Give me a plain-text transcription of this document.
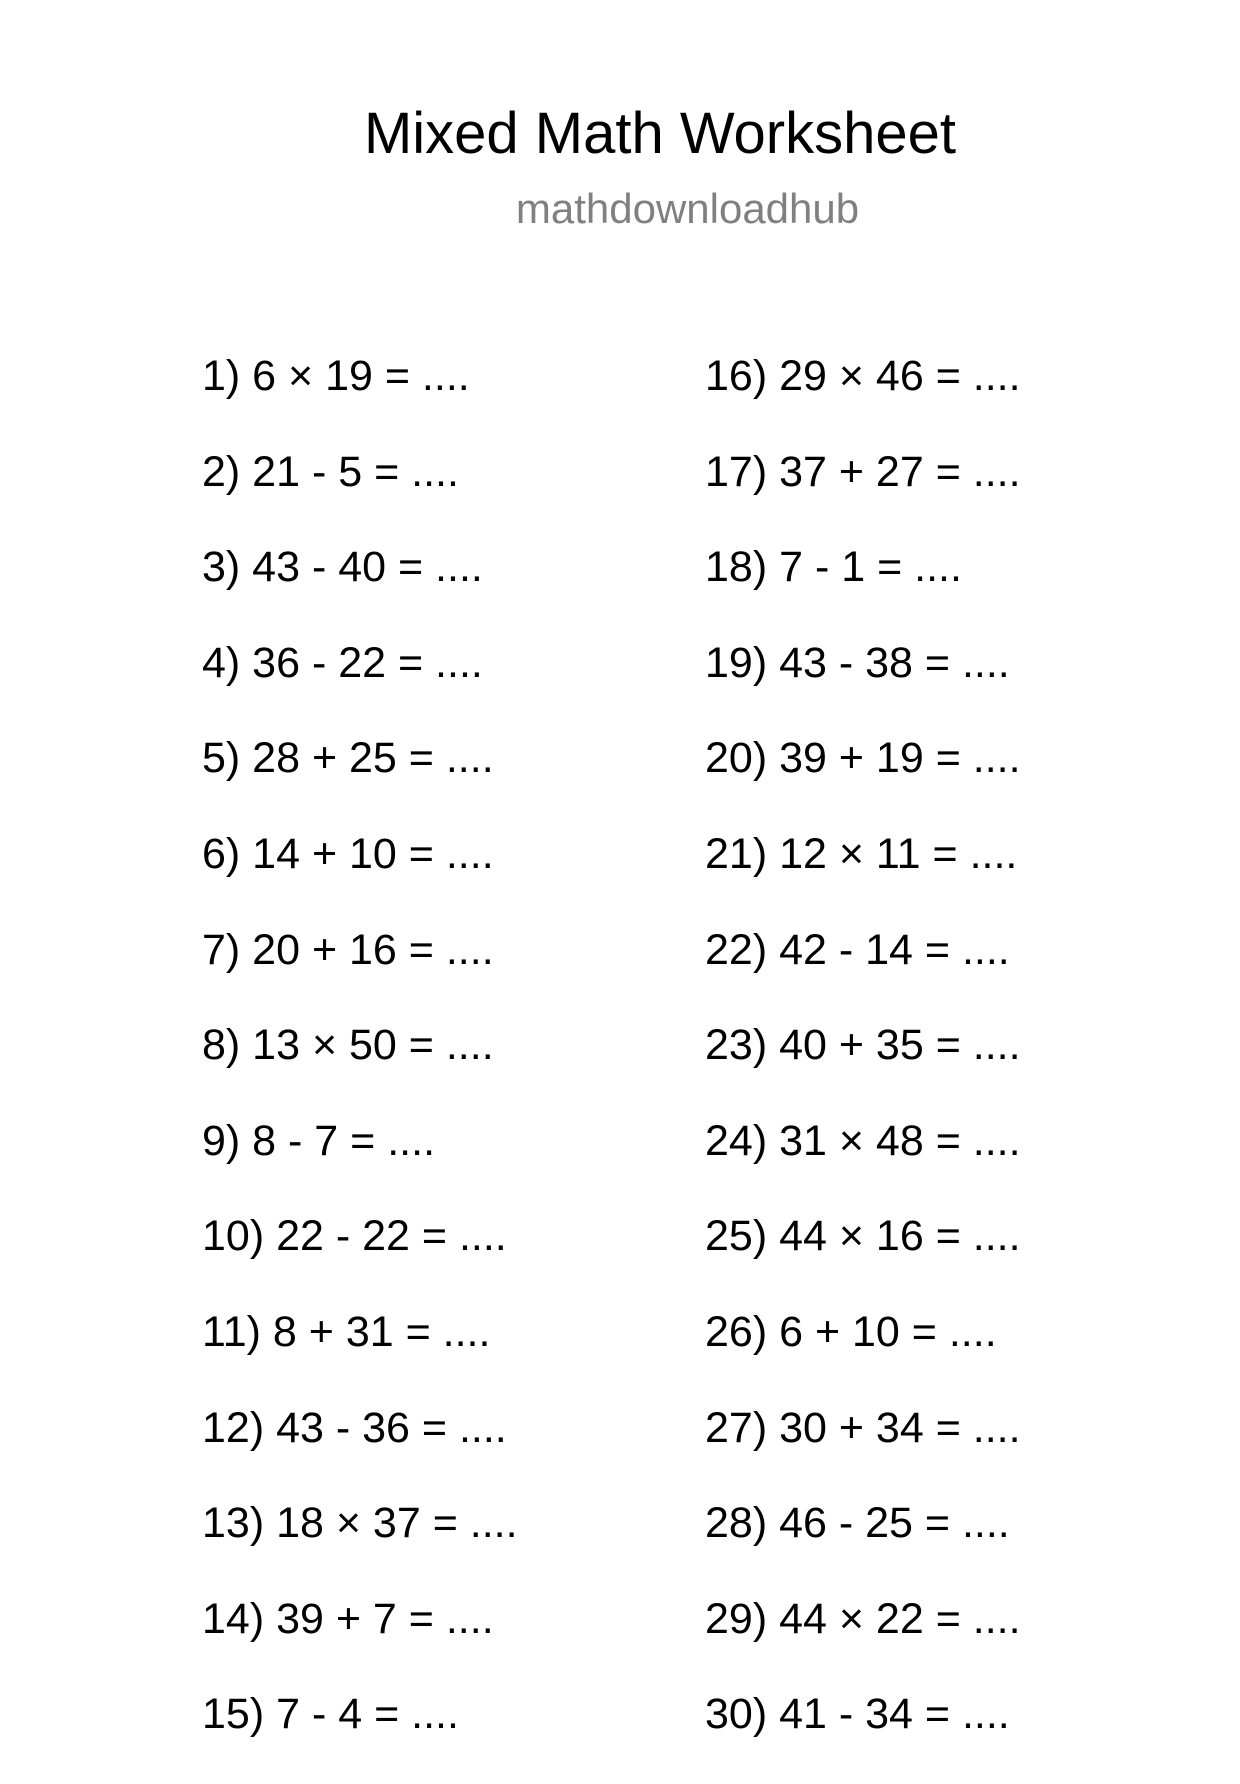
Mixed Math Worksheet
mathdownloadhub
1) 6 × 19 = ....
2) 21 - 5 = ....
3) 43 - 40 = ....
4) 36 - 22 = ....
5) 28 + 25 = ....
6) 14 + 10 = ....
7) 20 + 16 = ....
8) 13 × 50 = ....
9) 8 - 7 = ....
10) 22 - 22 = ....
11) 8 + 31 = ....
12) 43 - 36 = ....
13) 18 × 37 = ....
14) 39 + 7 = ....
15) 7 - 4 = ....
16) 29 × 46 = ....
17) 37 + 27 = ....
18) 7 - 1 = ....
19) 43 - 38 = ....
20) 39 + 19 = ....
21) 12 × 11 = ....
22) 42 - 14 = ....
23) 40 + 35 = ....
24) 31 × 48 = ....
25) 44 × 16 = ....
26) 6 + 10 = ....
27) 30 + 34 = ....
28) 46 - 25 = ....
29) 44 × 22 = ....
30) 41 - 34 = ....
